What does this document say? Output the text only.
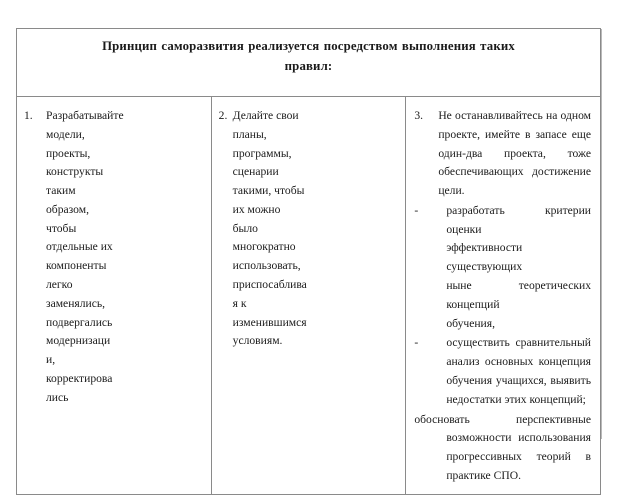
Принцип саморазвития реализуется посредством выполнения таких
правил:

1.	Разрабатывайте
модели,
проекты,
конструкты
таким
образом,
чтобы
отдельные их
компоненты
легко
заменялись,
подвергались
модернизаци
и,
корректирова
лись

2. Делайте свои
планы,
программы,
сценарии
такими, чтобы
их можно
было
многократно
использовать,
приспосаблива
я к
изменившимся
условиям.

3.	Не останавливайтесь на одном
проекте, имейте в запасе еще
один-два проекта, тоже
обеспечивающих достижение
цели.
-	разработать критерии оценки
эффективности существующих
ныне теоретических концепций
обучения,
-	осуществить сравнительный
анализ основных концепция
обучения учащихся, выявить
недостатки этих концепций;
обосновать перспективные
возможности использования
прогрессивных теорий в
практике СПО.
